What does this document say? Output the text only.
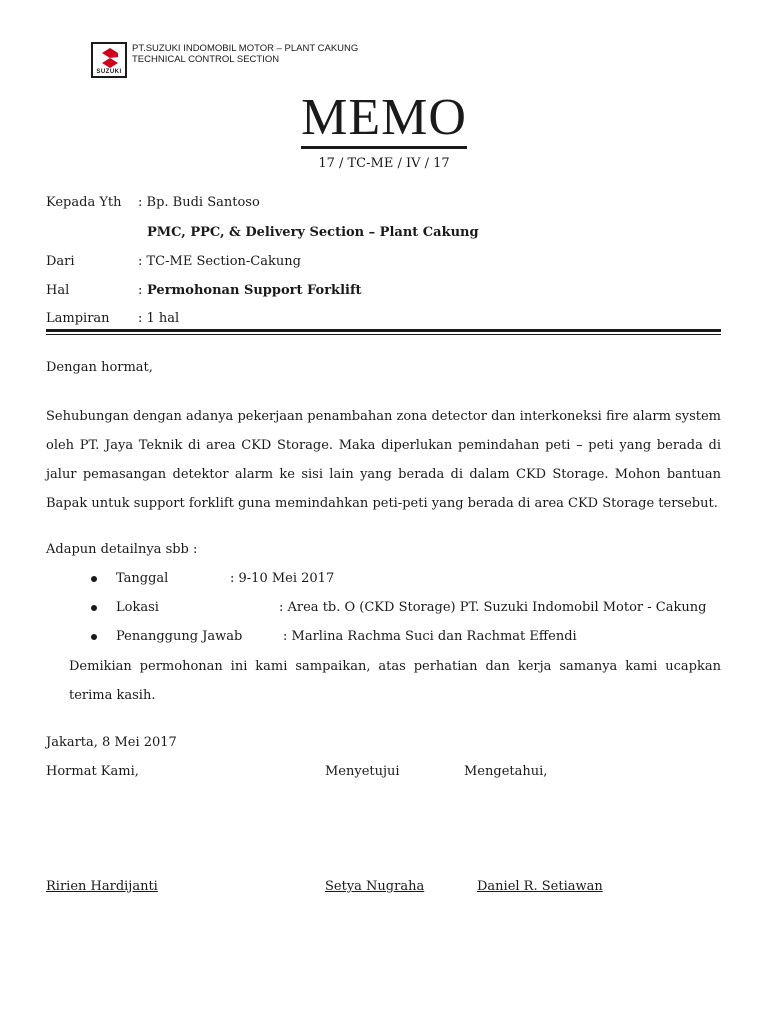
SUZUKI
PT.SUZUKI INDOMOBIL MOTOR – PLANT CAKUNG
TECHNICAL CONTROL SECTION
MEMO
17 / TC-ME / IV / 17
Kepada Yth : Bp. Budi Santoso
PMC, PPC, & Delivery Section – Plant Cakung
Dari	: TC-ME Section-Cakung
Hal	: Permohonan Support Forklift
Lampiran : 1 hal
Dengan hormat,
Sehubungan dengan adanya pekerjaan penambahan zona detector dan interkoneksi fire alarm system oleh PT. Jaya Teknik di area CKD Storage. Maka diperlukan pemindahan peti – peti yang berada di jalur pemasangan detektor alarm ke sisi lain yang berada di dalam CKD Storage. Mohon bantuan Bapak untuk support forklift guna memindahkan peti-peti yang berada di area CKD Storage tersebut.
Adapun detailnya sbb :
Tanggal	: 9-10 Mei 2017
Lokasi	: Area tb. O (CKD Storage) PT. Suzuki Indomobil Motor - Cakung
Penanggung Jawab	: Marlina Rachma Suci dan Rachmat Effendi
Demikian permohonan ini kami sampaikan, atas perhatian dan kerja samanya kami ucapkan terima kasih.
Jakarta, 8 Mei 2017
Hormat Kami,	Menyetujui	Mengetahui,
Ririen Hardijanti	Setya Nugraha	Daniel R. Setiawan
